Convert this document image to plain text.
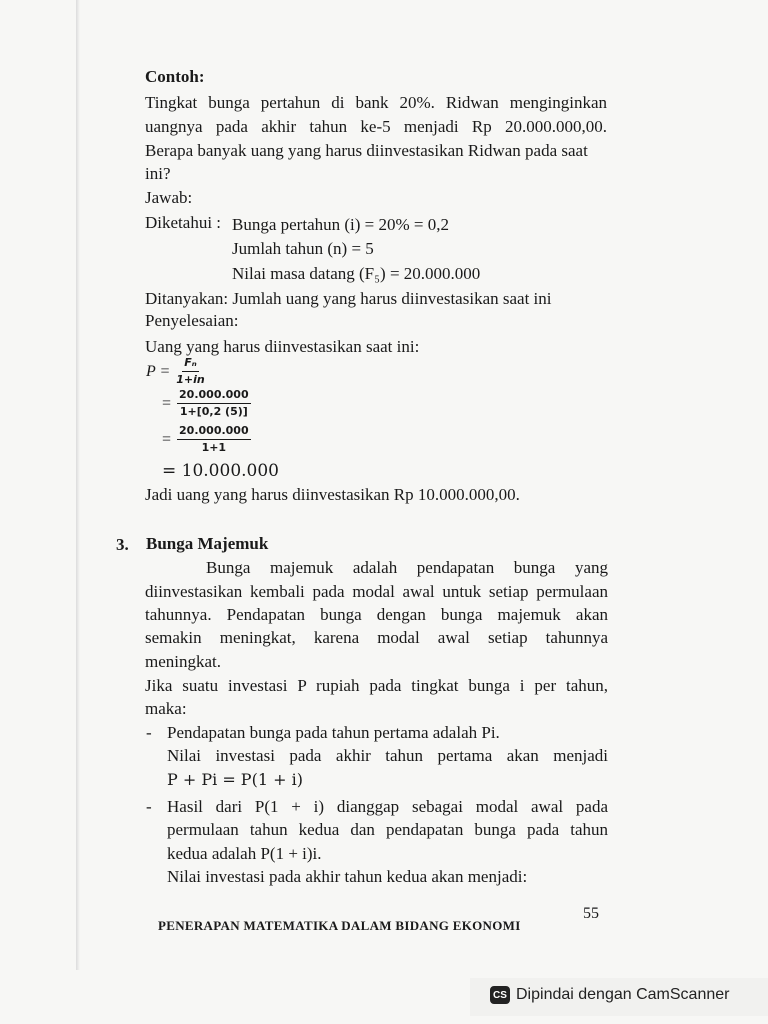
Contoh:
Tingkat bunga pertahun di bank 20%. Ridwan menginginkan
uangnya pada akhir tahun ke-5 menjadi Rp 20.000.000,00.
Berapa banyak uang yang harus diinvestasikan Ridwan pada saat
ini?
Jawab:
Diketahui : Bunga pertahun (i) = 20% = 0,2
Jumlah tahun (n) = 5
Nilai masa datang (F₅) = 20.000.000
Ditanyakan: Jumlah uang yang harus diinvestasikan saat ini
Penyelesaian:
Uang yang harus diinvestasikan saat ini:
$P = \frac{\text{Fₙ}}{1+in}$
= $\frac{20.000.000}{1+[0,2 (5)]}$
= $\frac{20.000.000}{1+1}$
= 10.000.000
Jadi uang yang harus diinvestasikan Rp 10.000.000,00.
3. Bunga Majemuk
Bunga majemuk adalah pendapatan bunga yang
diinvestasikan kembali pada modal awal untuk setiap permulaan
tahunnya. Pendapatan bunga dengan bunga majemuk akan
semakin meningkat, karena modal awal setiap tahunnya
meningkat.
Jika suatu investasi P rupiah pada tingkat bunga i per tahun,
maka:
- Pendapatan bunga pada tahun pertama adalah Pi.
Nilai investasi pada akhir tahun pertama akan menjadi
P + Pi = P(1 + i)
- Hasil dari P(1 + i) dianggap sebagai modal awal pada
permulaan tahun kedua dan pendapatan bunga pada tahun
kedua adalah P(1 + i)i.
Nilai investasi pada akhir tahun kedua akan menjadi:
PENERAPAN MATEMATIKA DALAM BIDANG EKONOMI
55
CS Dipindai dengan CamScanner
